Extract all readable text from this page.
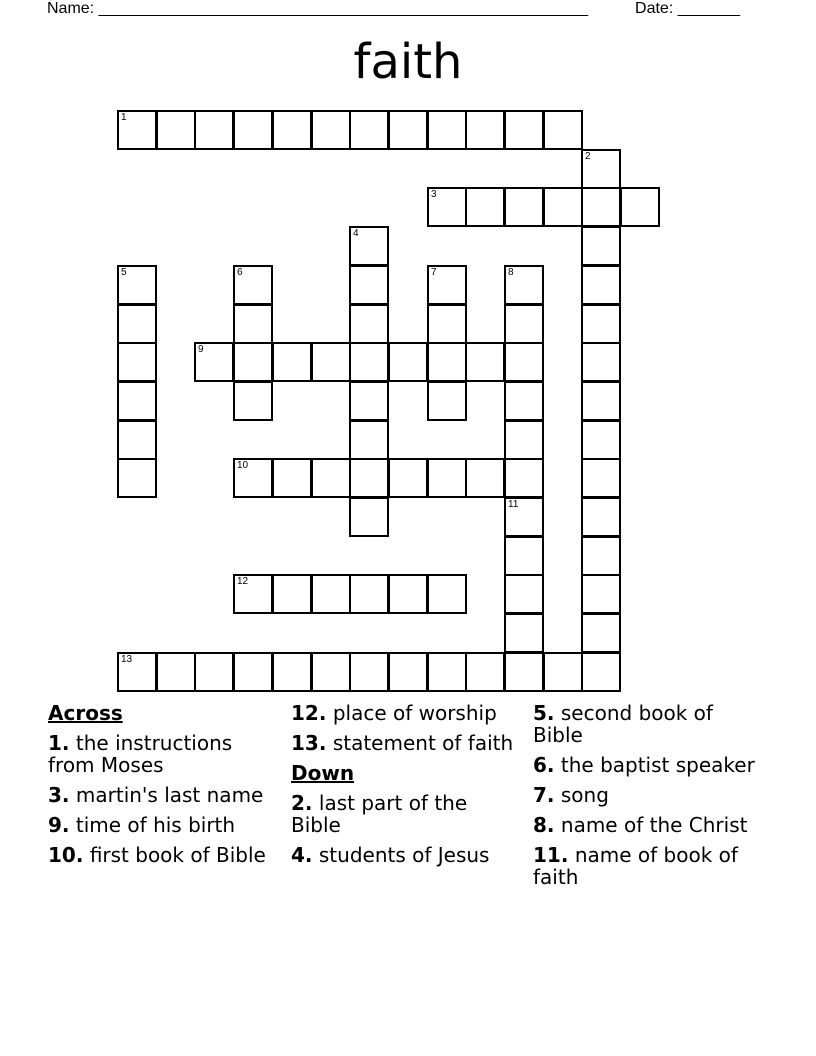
Name: _______________________________________________________	Date: _______
faith
1
3
9
10
12
13
2
4
5	6	7	8
11
Across
1. the instructions from Moses
3. martin's last name
9. time of his birth
10. first book of Bible
12. place of worship
13. statement of faith
Down
2. last part of the Bible
4. students of Jesus
5. second book of Bible
6. the baptist speaker
7. song
8. name of the Christ
11. name of book of faith
